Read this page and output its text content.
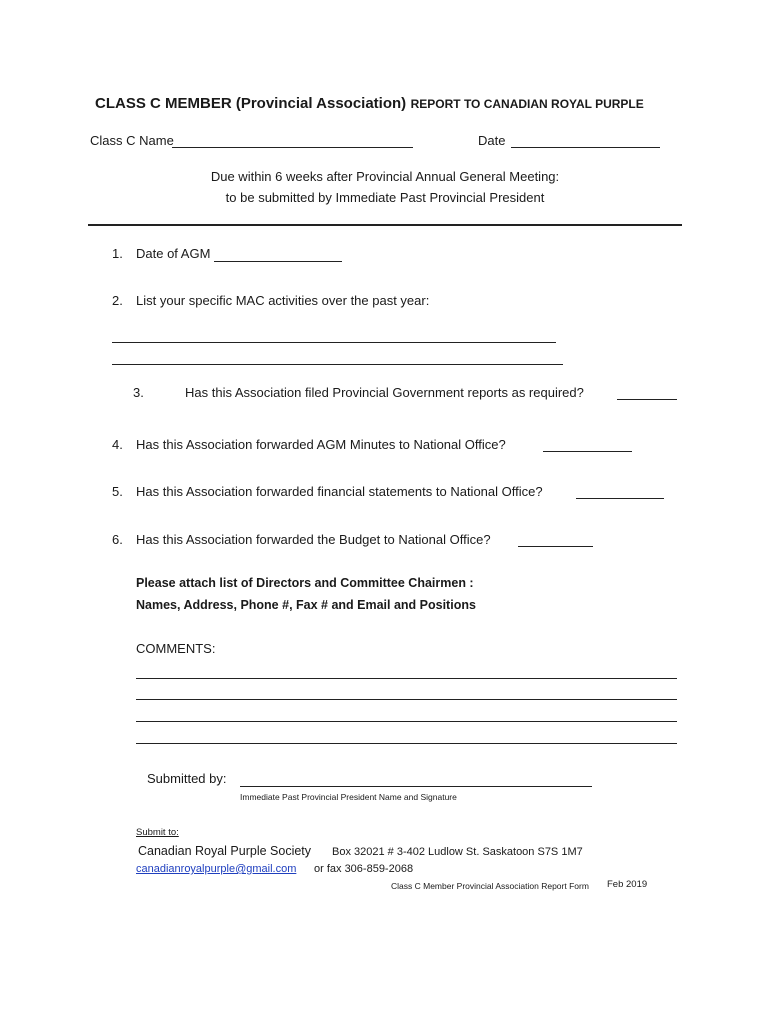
CLASS C MEMBER (Provincial Association) REPORT TO CANADIAN ROYAL PURPLE
Class C Name	Date
Due within 6 weeks after Provincial Annual General Meeting:
to be submitted by Immediate Past Provincial President
1. Date of AGM
2. List your specific MAC activities over the past year:
3.	Has this Association filed Provincial Government reports as required?
4. Has this Association forwarded AGM Minutes to National Office?
5. Has this Association forwarded financial statements to National Office?
6. Has this Association forwarded the Budget to National Office?
Please attach list of Directors and Committee Chairmen :
Names, Address, Phone #, Fax # and Email and Positions
COMMENTS:
Submitted by:
Immediate Past Provincial President Name and Signature
Submit to:
Canadian Royal Purple Society Box 32021 # 3-402 Ludlow St. Saskatoon S7S 1M7
canadianroyalpurple@gmail.com or fax 306-859-2068
Class C Member Provincial Association Report Form Feb 2019
